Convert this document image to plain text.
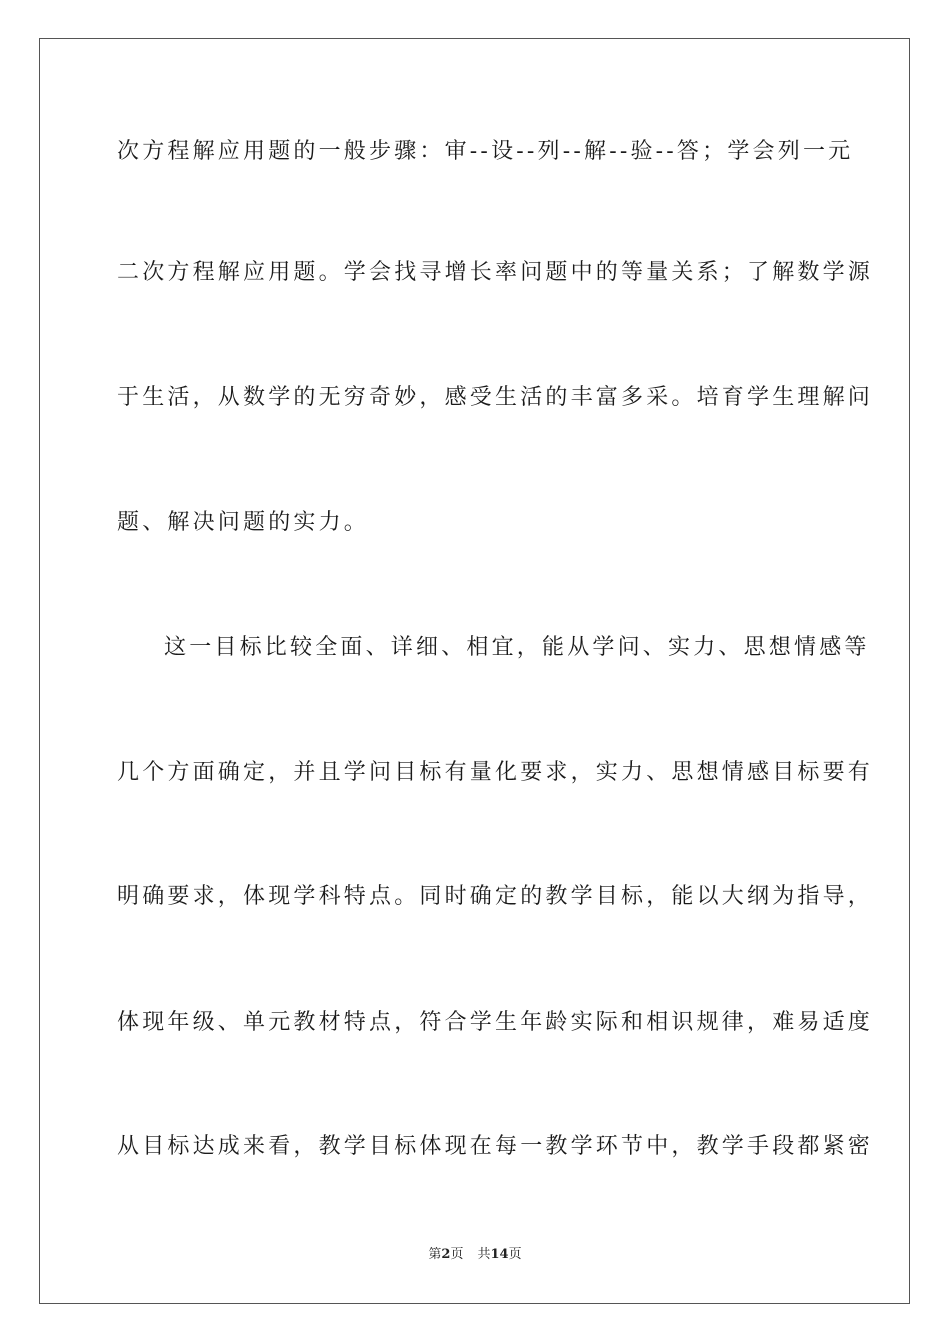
次方程解应用题的一般步骤：审--设--列--解--验--答；学会列一元
二次方程解应用题。学会找寻增长率问题中的等量关系；了解数学源
于生活，从数学的无穷奇妙，感受生活的丰富多采。培育学生理解问
题、解决问题的实力。
这一目标比较全面、详细、相宜，能从学问、实力、思想情感等
几个方面确定，并且学问目标有量化要求，实力、思想情感目标要有
明确要求，体现学科特点。同时确定的教学目标，能以大纲为指导，
体现年级、单元教材特点，符合学生年龄实际和相识规律，难易适度
从目标达成来看，教学目标体现在每一教学环节中，教学手段都紧密
第2页 共14页
